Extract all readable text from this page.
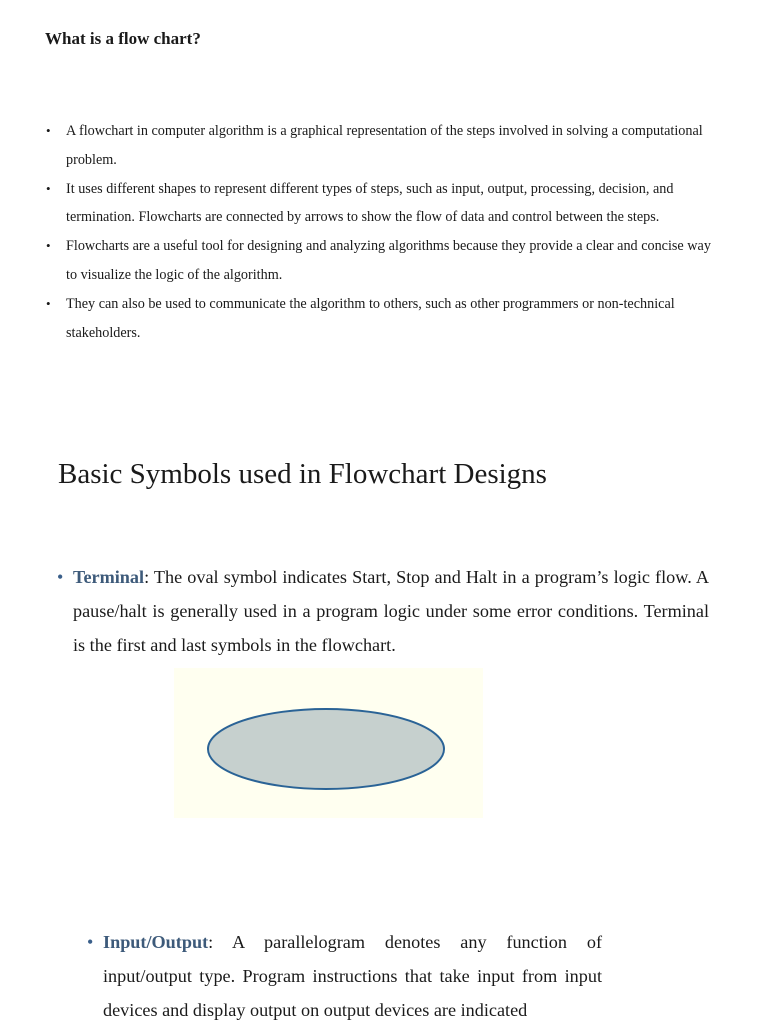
What is a flow chart?
• A flowchart in computer algorithm is a graphical representation of the steps involved in solving a computational problem.
• It uses different shapes to represent different types of steps, such as input, output, processing, decision, and termination. Flowcharts are connected by arrows to show the flow of data and control between the steps.
• Flowcharts are a useful tool for designing and analyzing algorithms because they provide a clear and concise way to visualize the logic of the algorithm.
• They can also be used to communicate the algorithm to others, such as other programmers or non-technical stakeholders.
Basic Symbols used in Flowchart Designs

• Terminal: The oval symbol indicates Start, Stop and Halt in a program’s logic flow. A pause/halt is generally used in a program logic under some error conditions. Terminal is the first and last symbols in the flowchart.

• Input/Output: A parallelogram denotes any function of input/output type. Program instructions that take input from input devices and display output on output devices are indicated
